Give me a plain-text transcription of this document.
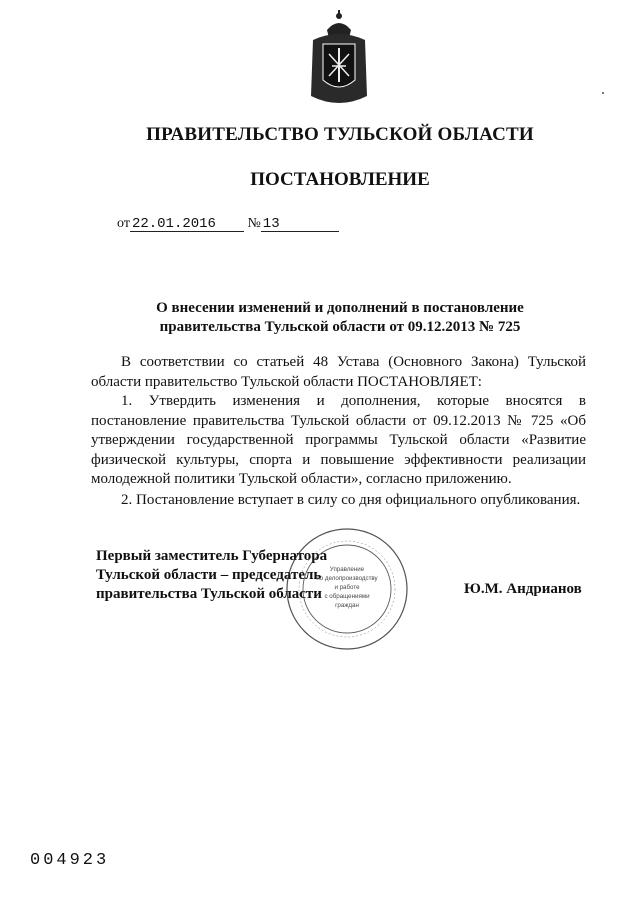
ПРАВИТЕЛЬСТВО ТУЛЬСКОЙ ОБЛАСТИ
ПОСТАНОВЛЕНИЕ
от 22.01.2016 № 13
О внесении изменений и дополнений в постановление
правительства Тульской области от 09.12.2013 № 725

В соответствии со статьей 48 Устава (Основного Закона) Тульской области правительство Тульской области ПОСТАНОВЛЯЕТ:

1. Утвердить изменения и дополнения, которые вносятся в постановление правительства Тульской области от 09.12.2013 № 725 «Об утверждении государственной программы Тульской области «Развитие физической культуры, спорта и повышение эффективности реализации молодежной политики Тульской области», согласно приложению.

2. Постановление вступает в силу со дня официального опубликования.

Первый заместитель Губернатора
Тульской области – председатель
правительства Тульской области	Ю.М. Андрианов
Управление
по делопроизводству
и работе
с обращениями
граждан
004923
